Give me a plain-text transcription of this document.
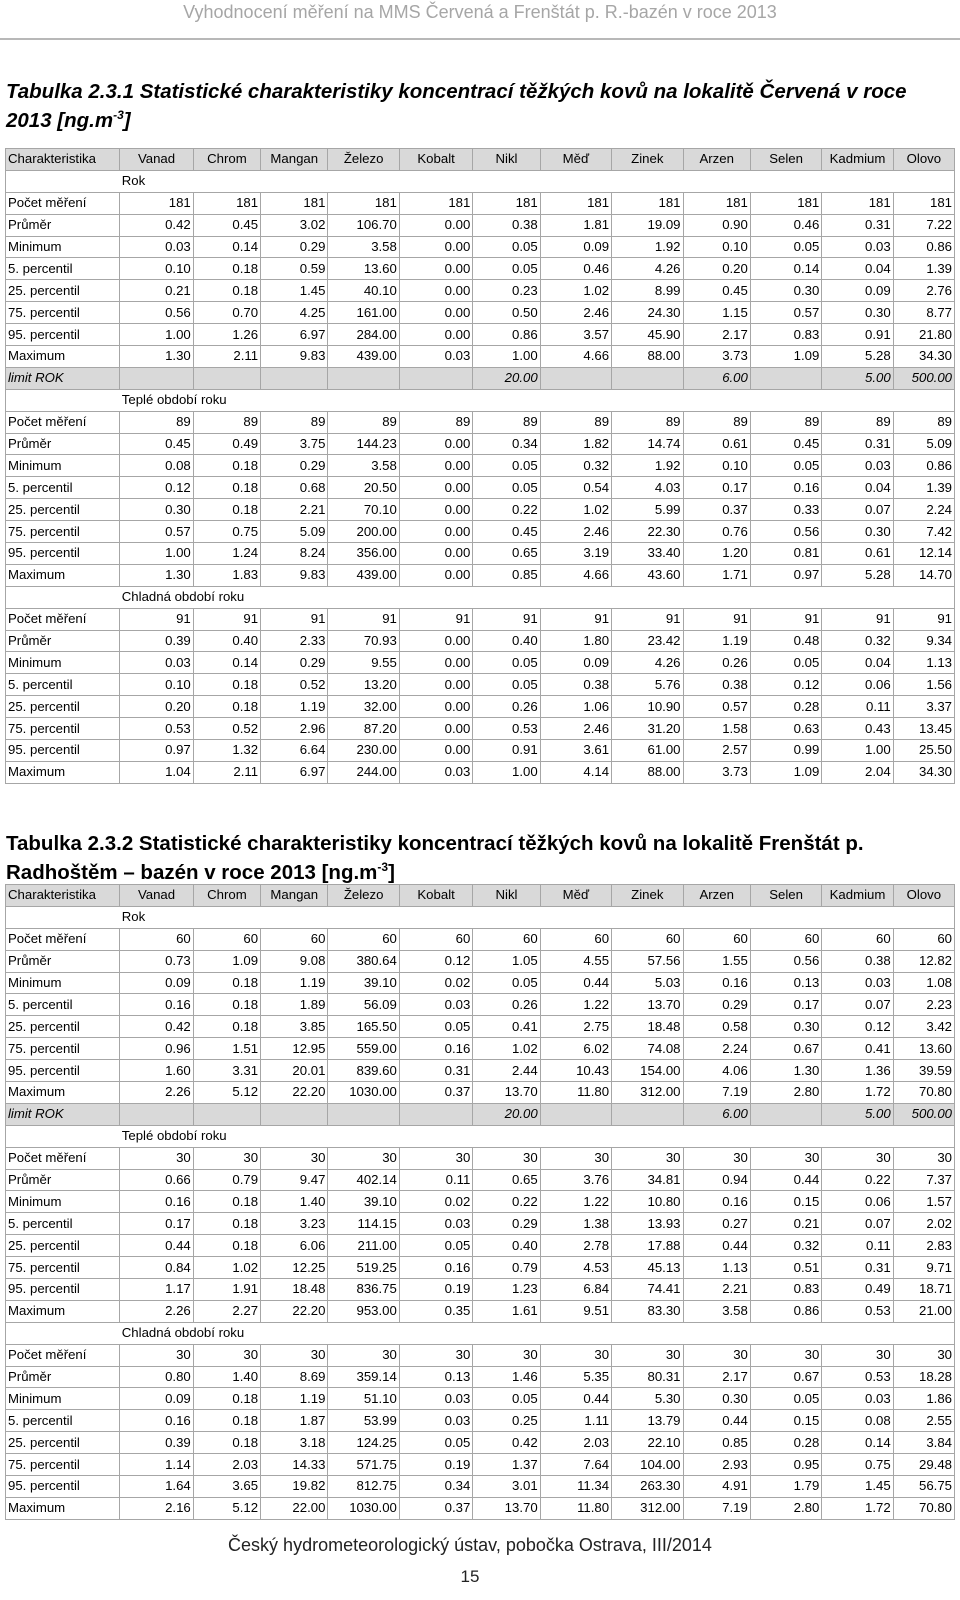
Vyhodnocení měření na MMS Červená a Frenštát p. R.-bazén v roce 2013
Tabulka 2.3.1 Statistické charakteristiky koncentrací těžkých kovů na lokalitě Červená v roce 2013 $[ng.m^{-3}]$
Charakteristika	Vanad	Chrom	Mangan	Železo	Kobalt	Nikl	Měď	Zinek	Arzen	Selen	Kadmium	Olovo
	Rok											
Počet měření	181	181	181	181	181	181	181	181	181	181	181	181
Průměr	0.42	0.45	3.02	106.70	0.00	0.38	1.81	19.09	0.90	0.46	0.31	7.22
Minimum	0.03	0.14	0.29	3.58	0.00	0.05	0.09	1.92	0.10	0.05	0.03	0.86
5. percentil	0.10	0.18	0.59	13.60	0.00	0.05	0.46	4.26	0.20	0.14	0.04	1.39
25. percentil	0.21	0.18	1.45	40.10	0.00	0.23	1.02	8.99	0.45	0.30	0.09	2.76
75. percentil	0.56	0.70	4.25	161.00	0.00	0.50	2.46	24.30	1.15	0.57	0.30	8.77
95. percentil	1.00	1.26	6.97	284.00	0.00	0.86	3.57	45.90	2.17	0.83	0.91	21.80
Maximum	1.30	2.11	9.83	439.00	0.03	1.00	4.66	88.00	3.73	1.09	5.28	34.30
limit ROK						20.00			6.00		5.00	500.00
	Teplé období roku											
Počet měření	89	89	89	89	89	89	89	89	89	89	89	89
Průměr	0.45	0.49	3.75	144.23	0.00	0.34	1.82	14.74	0.61	0.45	0.31	5.09
Minimum	0.08	0.18	0.29	3.58	0.00	0.05	0.32	1.92	0.10	0.05	0.03	0.86
5. percentil	0.12	0.18	0.68	20.50	0.00	0.05	0.54	4.03	0.17	0.16	0.04	1.39
25. percentil	0.30	0.18	2.21	70.10	0.00	0.22	1.02	5.99	0.37	0.33	0.07	2.24
75. percentil	0.57	0.75	5.09	200.00	0.00	0.45	2.46	22.30	0.76	0.56	0.30	7.42
95. percentil	1.00	1.24	8.24	356.00	0.00	0.65	3.19	33.40	1.20	0.81	0.61	12.14
Maximum	1.30	1.83	9.83	439.00	0.00	0.85	4.66	43.60	1.71	0.97	5.28	14.70
	Chladná období roku											
Počet měření	91	91	91	91	91	91	91	91	91	91	91	91
Průměr	0.39	0.40	2.33	70.93	0.00	0.40	1.80	23.42	1.19	0.48	0.32	9.34
Minimum	0.03	0.14	0.29	9.55	0.00	0.05	0.09	4.26	0.26	0.05	0.04	1.13
5. percentil	0.10	0.18	0.52	13.20	0.00	0.05	0.38	5.76	0.38	0.12	0.06	1.56
25. percentil	0.20	0.18	1.19	32.00	0.00	0.26	1.06	10.90	0.57	0.28	0.11	3.37
75. percentil	0.53	0.52	2.96	87.20	0.00	0.53	2.46	31.20	1.58	0.63	0.43	13.45
95. percentil	0.97	1.32	6.64	230.00	0.00	0.91	3.61	61.00	2.57	0.99	1.00	25.50
Maximum	1.04	2.11	6.97	244.00	0.03	1.00	4.14	88.00	3.73	1.09	2.04	34.30
Tabulka 2.3.2 Statistické charakteristiky koncentrací těžkých kovů na lokalitě Frenštát p. Radhoštěm – bazén v roce 2013 $[ng.m^{-3}]$
Charakteristika	Vanad	Chrom	Mangan	Železo	Kobalt	Nikl	Měď	Zinek	Arzen	Selen	Kadmium	Olovo
	Rok											
Počet měření	60	60	60	60	60	60	60	60	60	60	60	60
Průměr	0.73	1.09	9.08	380.64	0.12	1.05	4.55	57.56	1.55	0.56	0.38	12.82
Minimum	0.09	0.18	1.19	39.10	0.02	0.05	0.44	5.03	0.16	0.13	0.03	1.08
5. percentil	0.16	0.18	1.89	56.09	0.03	0.26	1.22	13.70	0.29	0.17	0.07	2.23
25. percentil	0.42	0.18	3.85	165.50	0.05	0.41	2.75	18.48	0.58	0.30	0.12	3.42
75. percentil	0.96	1.51	12.95	559.00	0.16	1.02	6.02	74.08	2.24	0.67	0.41	13.60
95. percentil	1.60	3.31	20.01	839.60	0.31	2.44	10.43	154.00	4.06	1.30	1.36	39.59
Maximum	2.26	5.12	22.20	1030.00	0.37	13.70	11.80	312.00	7.19	2.80	1.72	70.80
limit ROK						20.00			6.00		5.00	500.00
	Teplé období roku											
Počet měření	30	30	30	30	30	30	30	30	30	30	30	30
Průměr	0.66	0.79	9.47	402.14	0.11	0.65	3.76	34.81	0.94	0.44	0.22	7.37
Minimum	0.16	0.18	1.40	39.10	0.02	0.22	1.22	10.80	0.16	0.15	0.06	1.57
5. percentil	0.17	0.18	3.23	114.15	0.03	0.29	1.38	13.93	0.27	0.21	0.07	2.02
25. percentil	0.44	0.18	6.06	211.00	0.05	0.40	2.78	17.88	0.44	0.32	0.11	2.83
75. percentil	0.84	1.02	12.25	519.25	0.16	0.79	4.53	45.13	1.13	0.51	0.31	9.71
95. percentil	1.17	1.91	18.48	836.75	0.19	1.23	6.84	74.41	2.21	0.83	0.49	18.71
Maximum	2.26	2.27	22.20	953.00	0.35	1.61	9.51	83.30	3.58	0.86	0.53	21.00
	Chladná období roku											
Počet měření	30	30	30	30	30	30	30	30	30	30	30	30
Průměr	0.80	1.40	8.69	359.14	0.13	1.46	5.35	80.31	2.17	0.67	0.53	18.28
Minimum	0.09	0.18	1.19	51.10	0.03	0.05	0.44	5.30	0.30	0.05	0.03	1.86
5. percentil	0.16	0.18	1.87	53.99	0.03	0.25	1.11	13.79	0.44	0.15	0.08	2.55
25. percentil	0.39	0.18	3.18	124.25	0.05	0.42	2.03	22.10	0.85	0.28	0.14	3.84
75. percentil	1.14	2.03	14.33	571.75	0.19	1.37	7.64	104.00	2.93	0.95	0.75	29.48
95. percentil	1.64	3.65	19.82	812.75	0.34	3.01	11.34	263.30	4.91	1.79	1.45	56.75
Maximum	2.16	5.12	22.00	1030.00	0.37	13.70	11.80	312.00	7.19	2.80	1.72	70.80
Český hydrometeorologický ústav, pobočka Ostrava, III/2014
15
